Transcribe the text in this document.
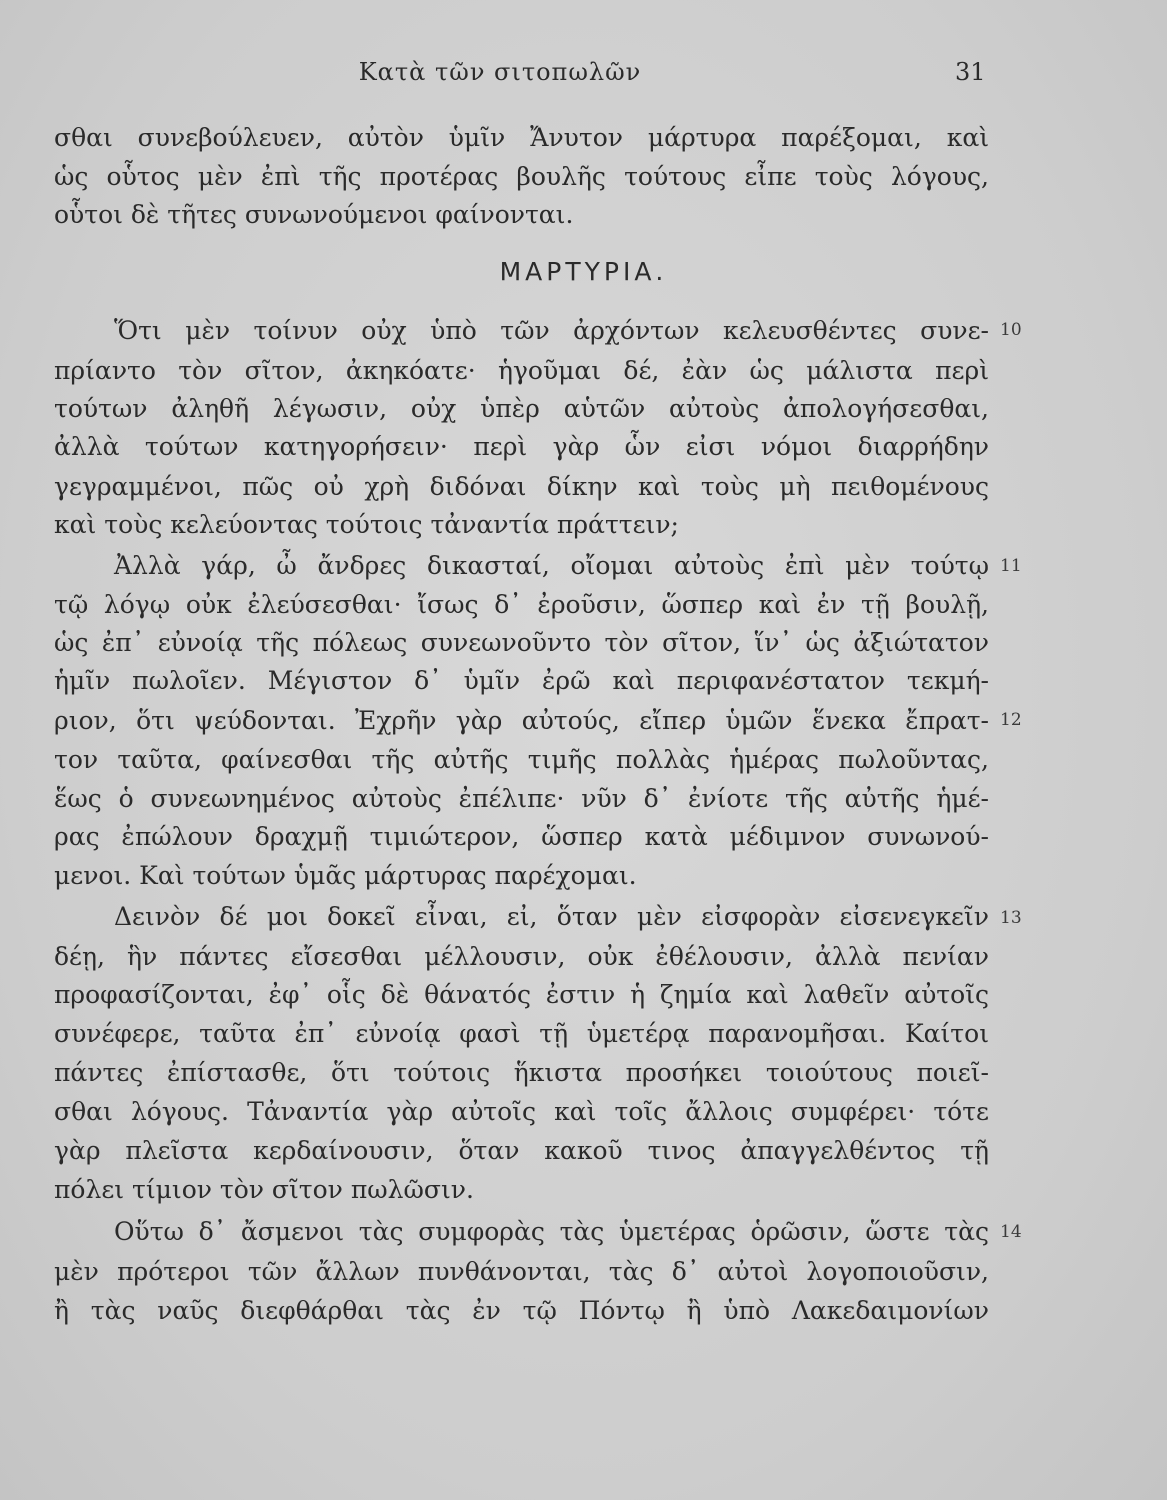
Κατὰ τῶν σιτοπωλῶν	31
σθαι συνεβούλευεν, αὐτὸν ὑμῖν Ἄνυτον μάρτυρα παρέξομαι, καὶ
ὡς οὗτος μὲν ἐπὶ τῆς προτέρας βουλῆς τούτους εἶπε τοὺς λόγους,
οὗτοι δὲ τῆτες συνωνούμενοι φαίνονται.
ΜΑΡΤΥΡΙΑ.
Ὅτι μὲν τοίνυν οὐχ ὑπὸ τῶν ἀρχόντων κελευσθέντες συνε- 10
πρίαντο τὸν σῖτον, ἀκηκόατε· ἡγοῦμαι δέ, ἐὰν ὡς μάλιστα περὶ
τούτων ἀληθῆ λέγωσιν, οὐχ ὑπὲρ αὑτῶν αὐτοὺς ἀπολογήσεσθαι,
ἀλλὰ τούτων κατηγορήσειν· περὶ γὰρ ὧν εἰσι νόμοι διαρρήδην
γεγραμμένοι, πῶς οὐ χρὴ διδόναι δίκην καὶ τοὺς μὴ πειθομένους
καὶ τοὺς κελεύοντας τούτοις τἀναντία πράττειν;
Ἀλλὰ γάρ, ὦ ἄνδρες δικασταί, οἴομαι αὐτοὺς ἐπὶ μὲν τούτῳ 11
τῷ λόγῳ οὐκ ἐλεύσεσθαι· ἴσως δ᾽ ἐροῦσιν, ὥσπερ καὶ ἐν τῇ βουλῇ,
ὡς ἐπ᾽ εὐνοίᾳ τῆς πόλεως συνεωνοῦντο τὸν σῖτον, ἵν᾽ ὡς ἀξιώτατον
ἡμῖν πωλοῖεν. Μέγιστον δ᾽ ὑμῖν ἐρῶ καὶ περιφανέστατον τεκμή-
ριον, ὅτι ψεύδονται. Ἐχρῆν γὰρ αὐτούς, εἴπερ ὑμῶν ἕνεκα ἔπρατ- 12
τον ταῦτα, φαίνεσθαι τῆς αὐτῆς τιμῆς πολλὰς ἡμέρας πωλοῦντας,
ἕως ὁ συνεωνημένος αὐτοὺς ἐπέλιπε· νῦν δ᾽ ἐνίοτε τῆς αὐτῆς ἡμέ-
ρας ἐπώλουν δραχμῇ τιμιώτερον, ὥσπερ κατὰ μέδιμνον συνωνού-
μενοι. Καὶ τούτων ὑμᾶς μάρτυρας παρέχομαι.
Δεινὸν δέ μοι δοκεῖ εἶναι, εἰ, ὅταν μὲν εἰσφορὰν εἰσενεγκεῖν 13
δέῃ, ἣν πάντες εἴσεσθαι μέλλουσιν, οὐκ ἐθέλουσιν, ἀλλὰ πενίαν
προφασίζονται, ἐφ᾽ οἷς δὲ θάνατός ἐστιν ἡ ζημία καὶ λαθεῖν αὐτοῖς
συνέφερε, ταῦτα ἐπ᾽ εὐνοίᾳ φασὶ τῇ ὑμετέρᾳ παρανομῆσαι. Καίτοι
πάντες ἐπίστασθε, ὅτι τούτοις ἥκιστα προσήκει τοιούτους ποιεῖ-
σθαι λόγους. Τἀναντία γὰρ αὐτοῖς καὶ τοῖς ἄλλοις συμφέρει· τότε
γὰρ πλεῖστα κερδαίνουσιν, ὅταν κακοῦ τινος ἀπαγγελθέντος τῇ
πόλει τίμιον τὸν σῖτον πωλῶσιν.
Οὕτω δ᾽ ἄσμενοι τὰς συμφορὰς τὰς ὑμετέρας ὁρῶσιν, ὥστε τὰς 14
μὲν πρότεροι τῶν ἄλλων πυνθάνονται, τὰς δ᾽ αὐτοὶ λογοποιοῦσιν,
ἢ τὰς ναῦς διεφθάρθαι τὰς ἐν τῷ Πόντῳ ἢ ὑπὸ Λακεδαιμονίων
